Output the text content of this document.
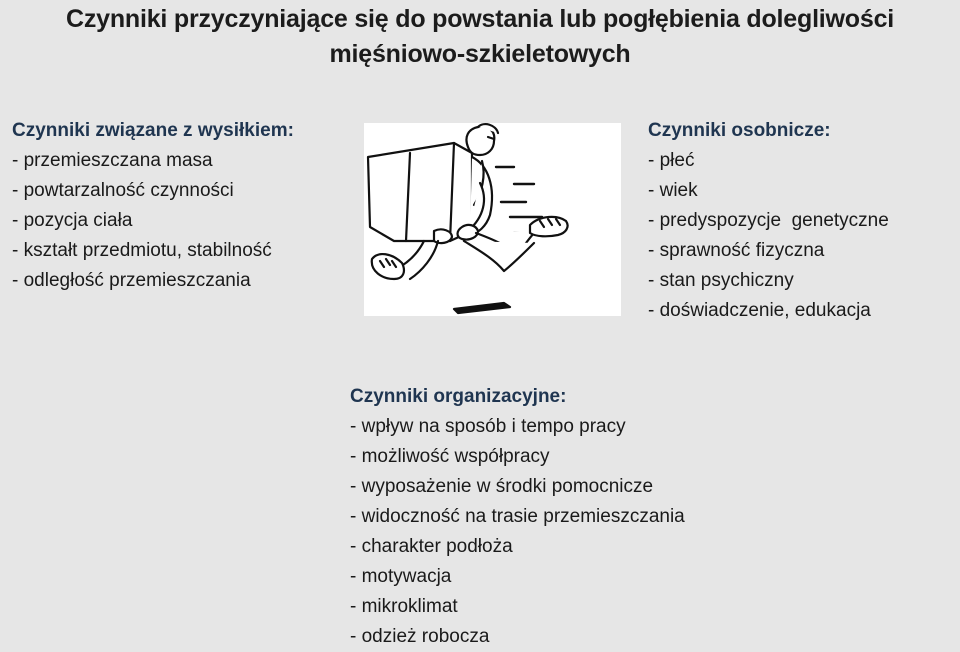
Czynniki przyczyniające się do powstania lub pogłębienia dolegliwości
mięśniowo-szkieletowych
Czynniki związane z wysiłkiem:
- przemieszczana masa
- powtarzalność czynności
- pozycja ciała
- kształt przedmiotu, stabilność
- odległość przemieszczania
Czynniki osobnicze:
- płeć
- wiek
- predyspozycje  genetyczne
- sprawność fizyczna
- stan psychiczny
- doświadczenie, edukacja
Czynniki organizacyjne:
- wpływ na sposób i tempo pracy
- możliwość współpracy
- wyposażenie w środki pomocnicze
- widoczność na trasie przemieszczania
- charakter podłoża
- motywacja
- mikroklimat
- odzież robocza
